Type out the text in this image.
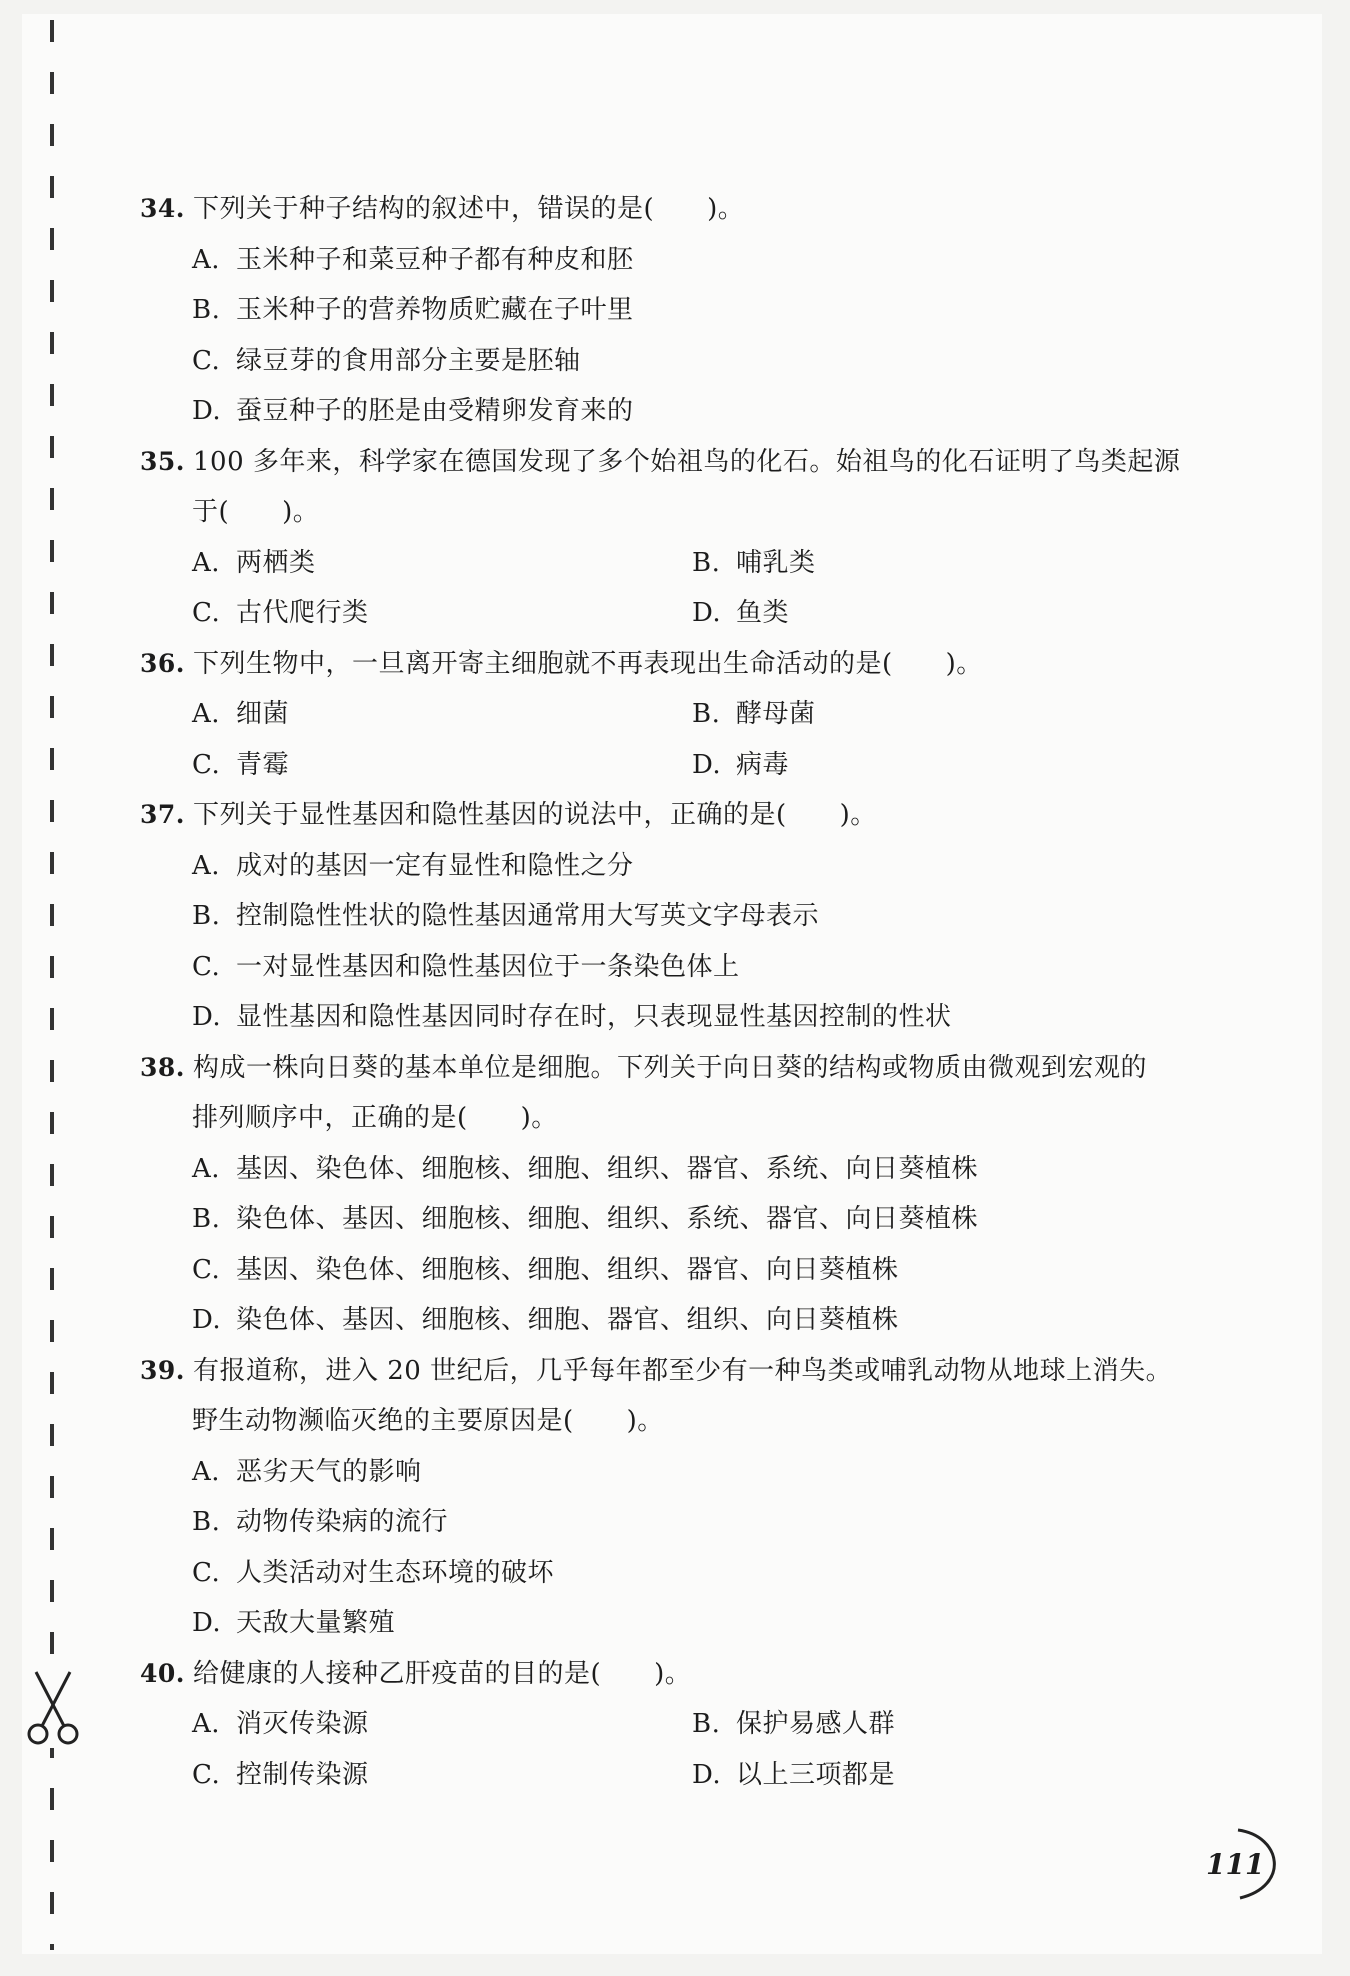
34. 下列关于种子结构的叙述中，错误的是(　　)。
A. 玉米种子和菜豆种子都有种皮和胚
B. 玉米种子的营养物质贮藏在子叶里
C. 绿豆芽的食用部分主要是胚轴
D. 蚕豆种子的胚是由受精卵发育来的
35. 100 多年来，科学家在德国发现了多个始祖鸟的化石。始祖鸟的化石证明了鸟类起源
于(　　)。
A. 两栖类	B. 哺乳类
C. 古代爬行类	D. 鱼类
36. 下列生物中，一旦离开寄主细胞就不再表现出生命活动的是(　　)。
A. 细菌	B. 酵母菌
C. 青霉	D. 病毒
37. 下列关于显性基因和隐性基因的说法中，正确的是(　　)。
A. 成对的基因一定有显性和隐性之分
B. 控制隐性性状的隐性基因通常用大写英文字母表示
C. 一对显性基因和隐性基因位于一条染色体上
D. 显性基因和隐性基因同时存在时，只表现显性基因控制的性状
38. 构成一株向日葵的基本单位是细胞。下列关于向日葵的结构或物质由微观到宏观的
排列顺序中，正确的是(　　)。
A. 基因、染色体、细胞核、细胞、组织、器官、系统、向日葵植株
B. 染色体、基因、细胞核、细胞、组织、系统、器官、向日葵植株
C. 基因、染色体、细胞核、细胞、组织、器官、向日葵植株
D. 染色体、基因、细胞核、细胞、器官、组织、向日葵植株
39. 有报道称，进入 20 世纪后，几乎每年都至少有一种鸟类或哺乳动物从地球上消失。
野生动物濒临灭绝的主要原因是(　　)。
A. 恶劣天气的影响
B. 动物传染病的流行
C. 人类活动对生态环境的破坏
D. 天敌大量繁殖
40. 给健康的人接种乙肝疫苗的目的是(　　)。
A. 消灭传染源	B. 保护易感人群
C. 控制传染源	D. 以上三项都是
111
